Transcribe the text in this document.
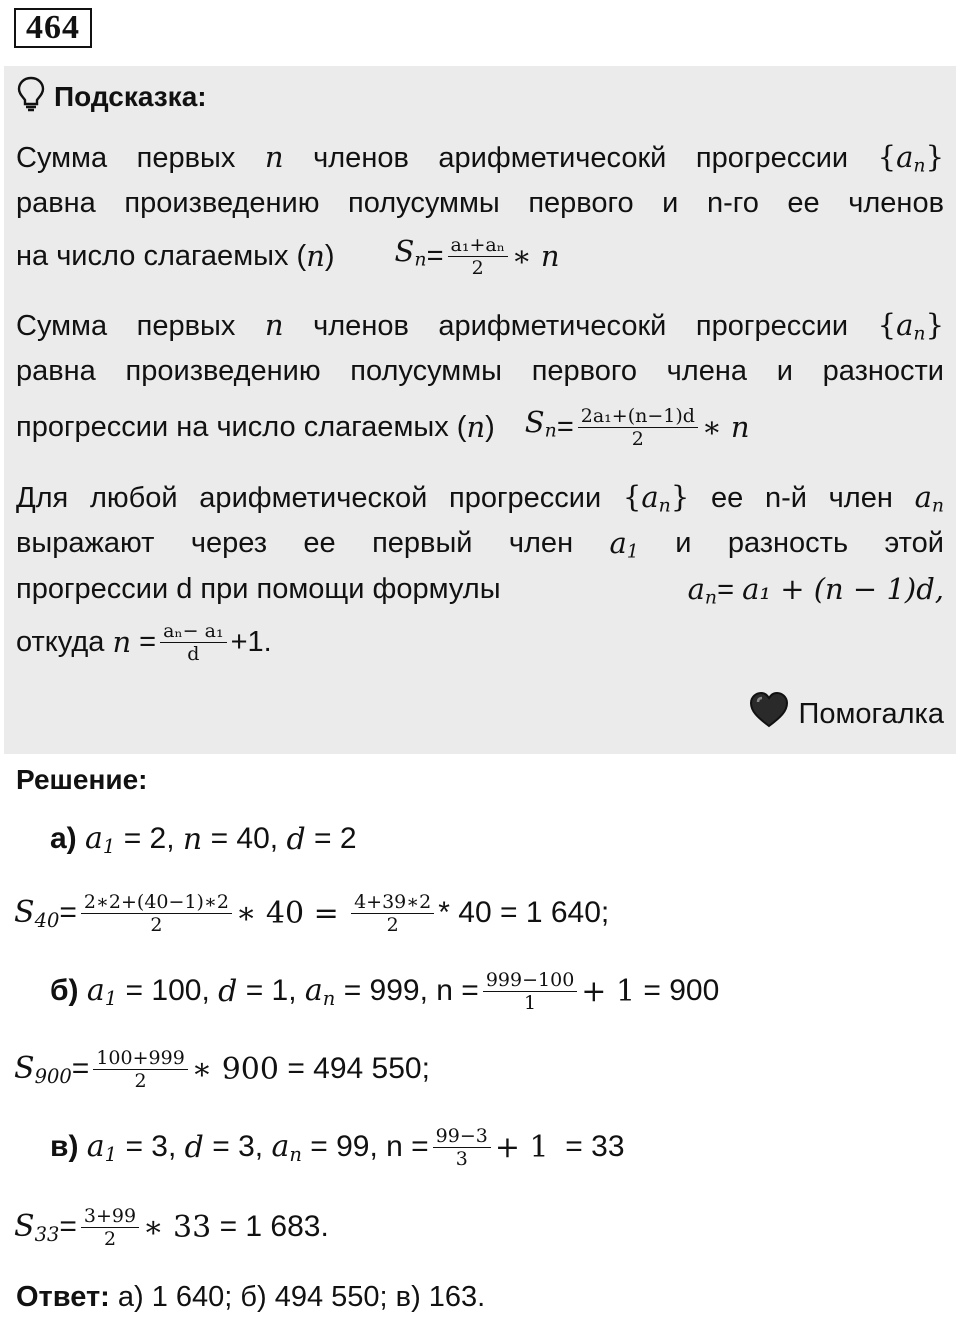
464
Подсказка:
Сумма первых n членов арифметичесокй прогрессии $\{a_n\}$
равна произведению полусуммы первого и n-го ее членов
на число слагаемых ( n ) $S_n = \frac{\text{a₁+aₙ}}{2}$ ∗ n
Сумма первых n членов арифметичесокй прогрессии $\{a_n\}$
равна произведению полусуммы первого члена и разности
прогрессии на число слагаемых ( n ) $S_n = \frac{\text{2a₁+(n−1)d}}{2}$ ∗ n
Для любой арифметической прогрессии $\{a_n\}$ ее n-й член $a_n$
выражают через ее первый член $a_1$ и разность этой
прогрессии d при помощи формулы	$a_n= a_1 + (n - 1)d$,
откуда
$n = \frac{\text{aₙ− a₁}}{d} +1$.
Помогалка
Решение:
а)
$a_1$
= 2,
n
= 40,
d
= 2
$S_{40} = \frac{2∗2+(40-1)∗2}{2}$ ∗ 40 =
$\frac{4+39∗2}{2} * 40 = 1$ 640;
б)
$a_1$
= 100,
d
= 1,
$a_n$
= 999, $n = \frac{999-100}{1} + 1$
= 900
$S_{900} = \frac{100+999}{2}$ ∗ 900
= 494 550;
в)
$a_1$
= 3,
d
= 3,
$a_n$
= 99, $n = \frac{99-3}{3} + 1$
= 33
$S_{33} = \frac{3+99}{2}$ ∗ 33
= 1 683.
Ответ:
а) 1 640; б) 494 550; в) 163.
